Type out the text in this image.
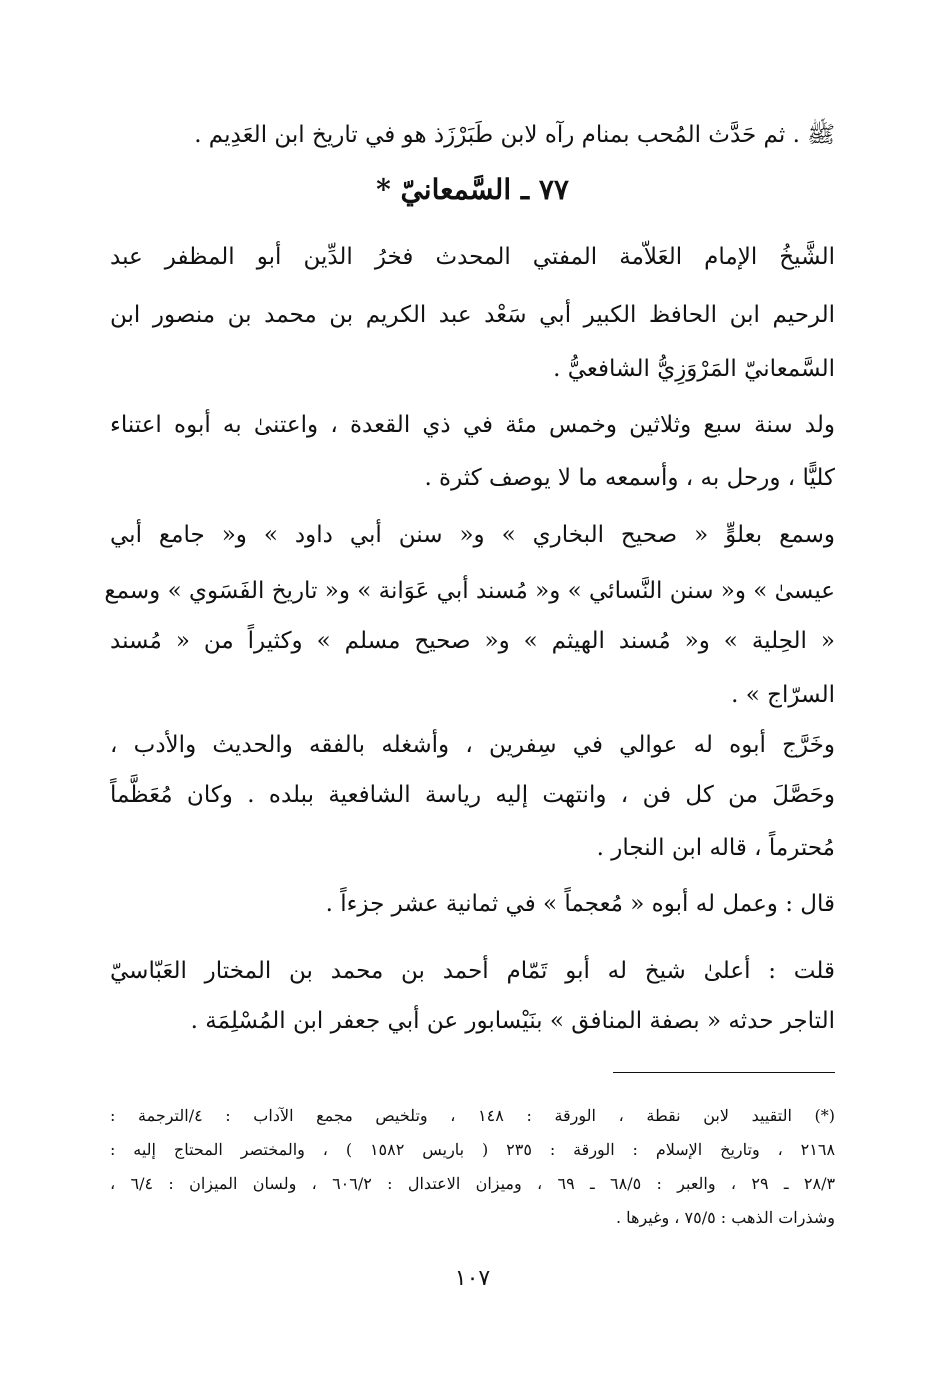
ﷺ . ثم حَدَّث المُحب بمنام رآه لابن طَبَرْزَذ هو في تاريخ ابن العَدِيم .
٧٧ ـ السَّمعانيّ *
الشَّيخُ الإمام العَلاّمة المفتي المحدث فخرُ الدِّين أبو المظفر عبد
الرحيم ابن الحافظ الكبير أبي سَعْد عبد الكريم بن محمد بن منصور ابن
السَّمعانيّ المَرْوَزِيُّ الشافعيُّ .
ولد سنة سبع وثلاثين وخمس مئة في ذي القعدة ، واعتنىٰ به أبوه اعتناء
كليًّا ، ورحل به ، وأسمعه ما لا يوصف كثرة .
وسمع بعلوٍّ « صحيح البخاري » و« سنن أبي داود » و« جامع أبي
عيسىٰ » و« سنن النَّسائي » و« مُسند أبي عَوَانة » و« تاريخ الفَسَوي » وسمع
« الحِلية » و« مُسند الهيثم » و« صحيح مسلم » وكثيراً من « مُسند
السرّاج » .
وخَرَّج أبوه له عوالي في سِفرين ، وأشغله بالفقه والحديث والأدب ،
وحَصَّلَ من كل فن ، وانتهت إليه رياسة الشافعية ببلده . وكان مُعَظَّماً
مُحترماً ، قاله ابن النجار .
قال : وعمل له أبوه « مُعجماً » في ثمانية عشر جزءاً .
قلت : أعلىٰ شيخ له أبو تَمّام أحمد بن محمد بن المختار العَبّاسيّ
التاجر حدثه « بصفة المنافق » بنَيْسابور عن أبي جعفر ابن المُسْلِمَة .
(*) التقييد لابن نقطة ، الورقة : ١٤٨ ، وتلخيص مجمع الآداب : ٤/الترجمة :
٢١٦٨ ، وتاريخ الإسلام : الورقة : ٢٣٥ ( باريس ١٥٨٢ ) ، والمختصر المحتاج إليه :
٢٨/٣ ـ ٢٩ ، والعبر : ٦٨/٥ ـ ٦٩ ، وميزان الاعتدال : ٦٠٦/٢ ، ولسان الميزان : ٦/٤ ،
وشذرات الذهب : ٧٥/٥ ، وغيرها .
١٠٧
